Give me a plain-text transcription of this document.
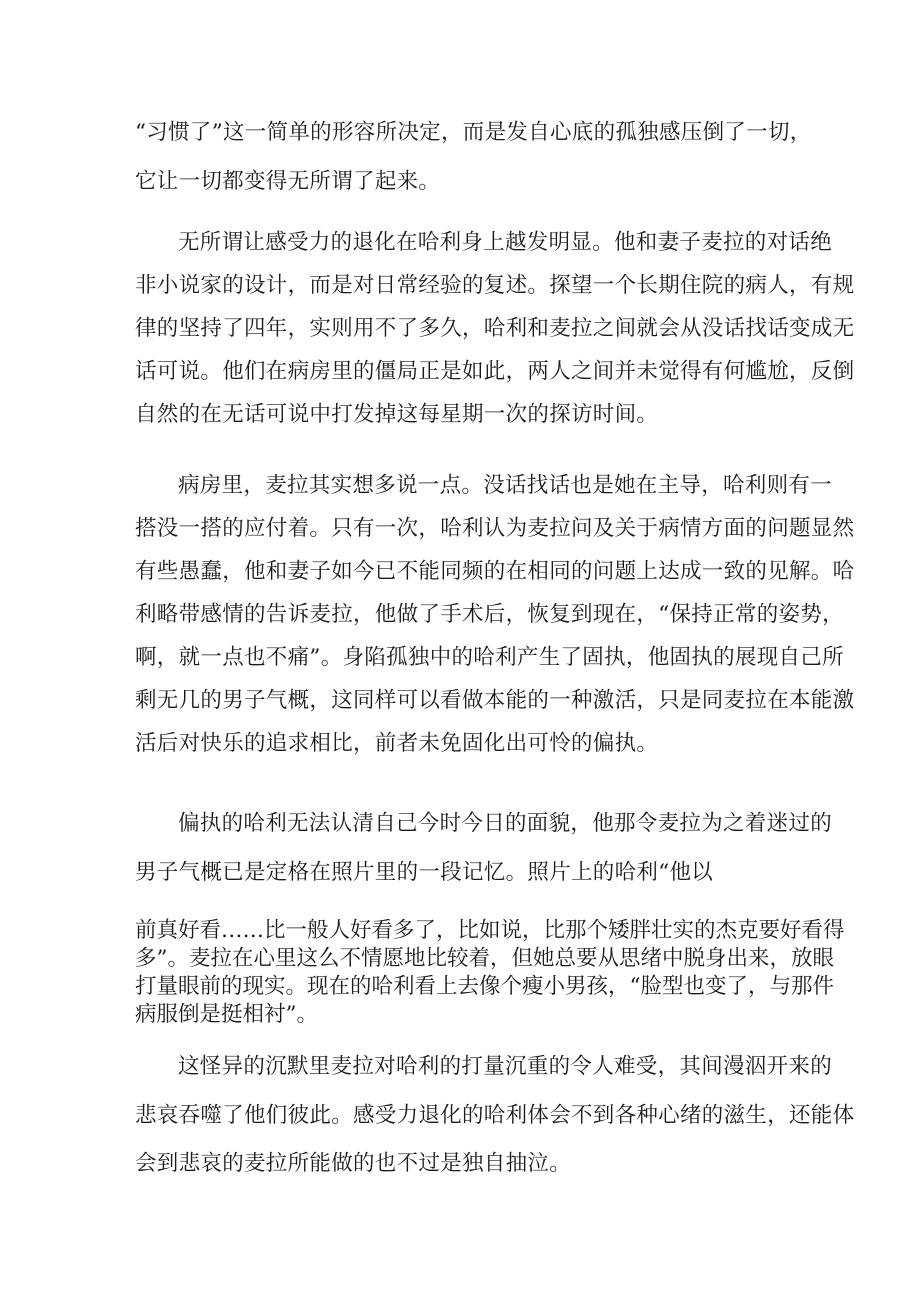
“习惯了”这一简单的形容所决定，而是发自心底的孤独感压倒了一切，
它让一切都变得无所谓了起来。
无所谓让感受力的退化在哈利身上越发明显。他和妻子麦拉的对话绝
非小说家的设计，而是对日常经验的复述。探望一个长期住院的病人，有规
律的坚持了四年，实则用不了多久，哈利和麦拉之间就会从没话找话变成无
话可说。他们在病房里的僵局正是如此，两人之间并未觉得有何尴尬，反倒
自然的在无话可说中打发掉这每星期一次的探访时间。
病房里，麦拉其实想多说一点。没话找话也是她在主导，哈利则有一
搭没一搭的应付着。只有一次，哈利认为麦拉问及关于病情方面的问题显然
有些愚蠢，他和妻子如今已不能同频的在相同的问题上达成一致的见解。哈
利略带感情的告诉麦拉，他做了手术后，恢复到现在，“保持正常的姿势，
啊，就一点也不痛”。身陷孤独中的哈利产生了固执，他固执的展现自己所
剩无几的男子气概，这同样可以看做本能的一种激活，只是同麦拉在本能激
活后对快乐的追求相比，前者未免固化出可怜的偏执。
偏执的哈利无法认清自己今时今日的面貌，他那令麦拉为之着迷过的
男子气概已是定格在照片里的一段记忆。照片上的哈利“他以
前真好看……比一般人好看多了，比如说，比那个矮胖壮实的杰克要好看得
多”。麦拉在心里这么不情愿地比较着，但她总要从思绪中脱身出来，放眼
打量眼前的现实。现在的哈利看上去像个瘦小男孩，“脸型也变了，与那件
病服倒是挺相衬”。
这怪异的沉默里麦拉对哈利的打量沉重的令人难受，其间漫泅开来的
悲哀吞噬了他们彼此。感受力退化的哈利体会不到各种心绪的滋生，还能体
会到悲哀的麦拉所能做的也不过是独自抽泣。
